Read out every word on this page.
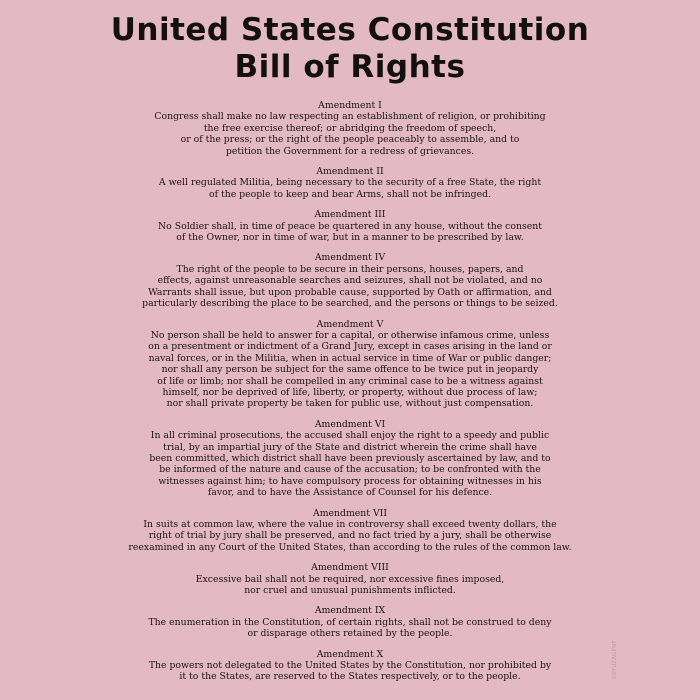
United States Constitution
Bill of Rights
Amendment I
Congress shall make no law respecting an establishment of religion, or prohibiting
the free exercise thereof; or abridging the freedom of speech,
or of the press; or the right of the people peaceably to assemble, and to
petition the Government for a redress of grievances.
Amendment II
A well regulated Militia, being necessary to the security of a free State, the right
of the people to keep and bear Arms, shall not be infringed.
Amendment III
No Soldier shall, in time of peace be quartered in any house, without the consent
of the Owner, nor in time of war, but in a manner to be prescribed by law.
Amendment IV
The right of the people to be secure in their persons, houses, papers, and
effects, against unreasonable searches and seizures, shall not be violated, and no
Warrants shall issue, but upon probable cause, supported by Oath or affirmation, and
particularly describing the place to be searched, and the persons or things to be seized.
Amendment V
No person shall be held to answer for a capital, or otherwise infamous crime, unless
on a presentment or indictment of a Grand Jury, except in cases arising in the land or
naval forces, or in the Militia, when in actual service in time of War or public danger;
nor shall any person be subject for the same offence to be twice put in jeopardy
of life or limb; nor shall be compelled in any criminal case to be a witness against
himself, nor be deprived of life, liberty, or property, without due process of law;
nor shall private property be taken for public use, without just compensation.
Amendment VI
In all criminal prosecutions, the accused shall enjoy the right to a speedy and public
trial, by an impartial jury of the State and district wherein the crime shall have
been committed, which district shall have been previously ascertained by law, and to
be informed of the nature and cause of the accusation; to be confronted with the
witnesses against him; to have compulsory process for obtaining witnesses in his
favor, and to have the Assistance of Counsel for his defence.
Amendment VII
In suits at common law, where the value in controversy shall exceed twenty dollars, the
right of trial by jury shall be preserved, and no fact tried by a jury, shall be otherwise
reexamined in any Court of the United States, than according to the rules of the common law.
Amendment VIII
Excessive bail shall not be required, nor excessive fines imposed,
nor cruel and unusual punishments inflicted.
Amendment IX
The enumeration in the Constitution, of certain rights, shall not be construed to deny
or disparage others retained by the people.
Amendment X
The powers not delegated to the United States by the Constitution, nor prohibited by
it to the States, are reserved to the States respectively, or to the people.	SOYUZAGENT
